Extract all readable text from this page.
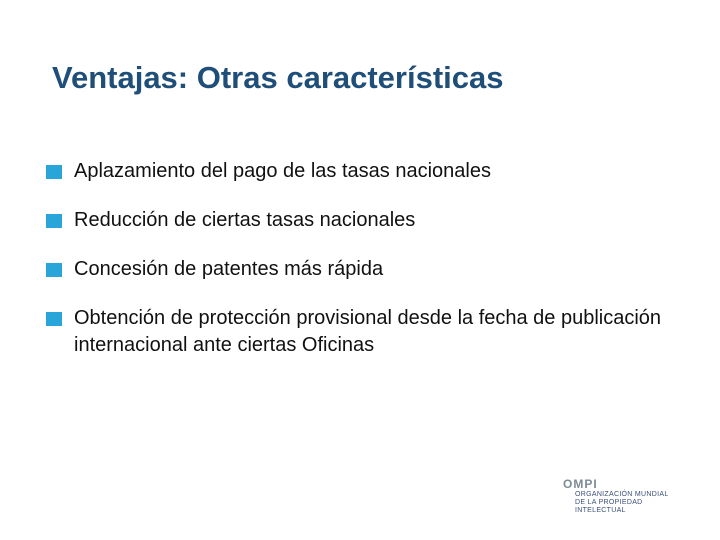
Ventajas: Otras características
Aplazamiento del pago de las tasas nacionales
Reducción de ciertas tasas nacionales
Concesión de patentes más rápida
Obtención de protección provisional desde la fecha de publicación internacional ante ciertas Oficinas
OMPI
ORGANIZACIÓN MUNDIAL
DE LA PROPIEDAD
INTELECTUAL
